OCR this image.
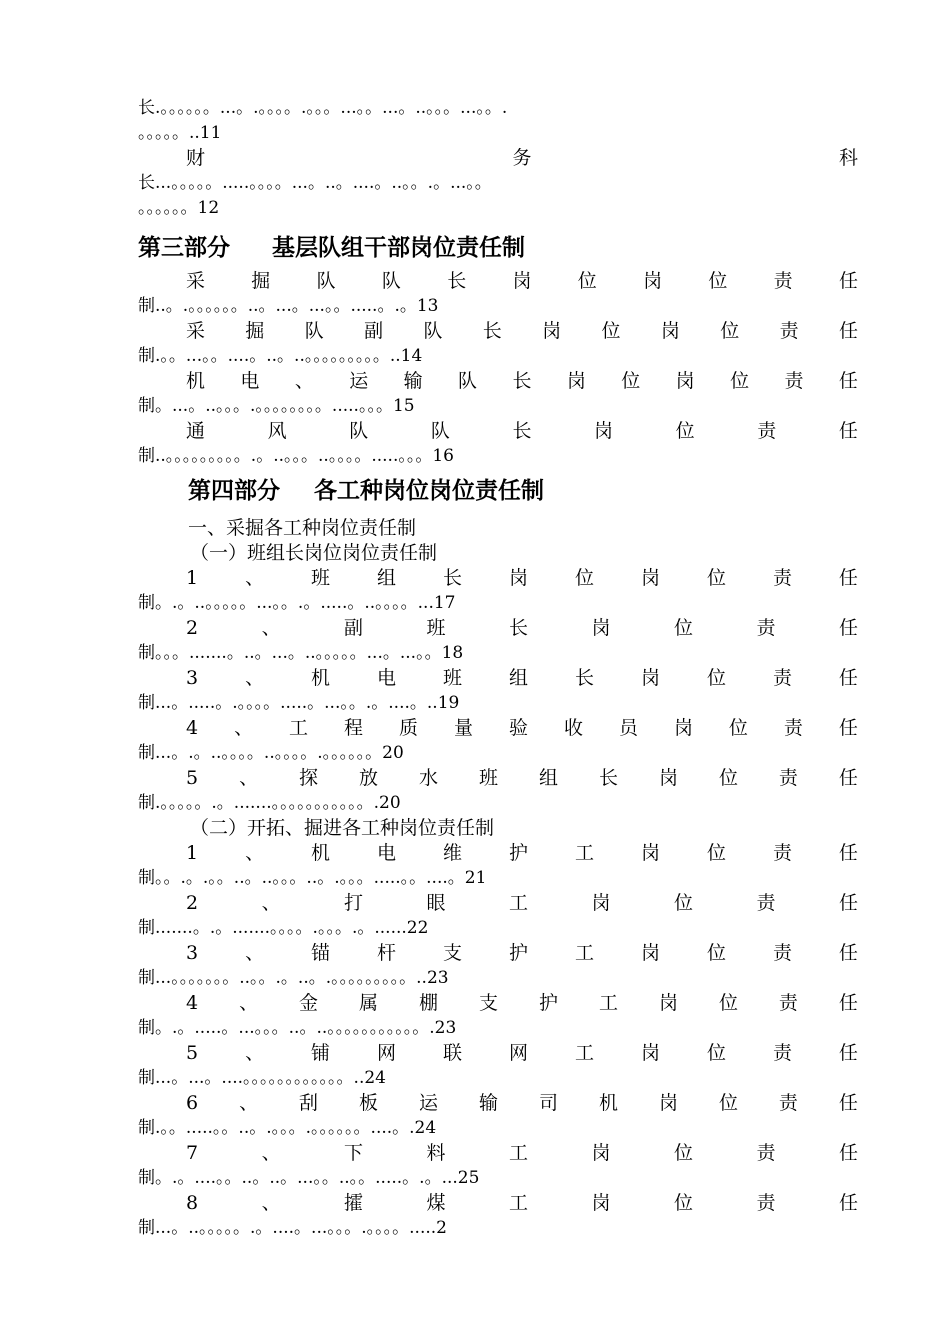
长.。。。。。。...。.。。。。.。。。...。。...。..。。。...。。.
。。。。。..11
财	务	科
长...。。。。。.....。。。。...。..。....。..。。.。...。。
。。。。。。12
第三部分 基层队组干部岗位责任制
采 掘 队 队 长 岗 位 岗 位 责 任
制..。.。。。。。。..。...。...。。.....。.。13
采 掘 队 副 队 长 岗 位 岗 位 责 任
制.。。...。。....。..。..。。。。。。。。。..14
机 电 、 运 输 队 长 岗 位 岗 位 责 任
制。...。..。。。.。。。。。。。。.....。。。15
通	风	队	队	长	岗	位	责	任
制..。。。。。。。。。.。..。。。..。。。。.....。。。16
第四部分 各工种岗位岗位责任制
一、采掘各工种岗位责任制
（一）班组长岗位岗位责任制
1 、 班 组 长 岗 位 岗 位 责 任
制。.。..。。。。。...。。.。.....。..。。。。...17
2	、	副	班	长	岗	位	责	任
制。。。.......。..。...。..。。。。。...。...。。18
3 、 机 电 班 组 长 岗 位 责 任
制...。.....。.。。。。.....。...。。.。....。..19
4 、 工 程 质 量 验 收 员 岗 位 责 任
制...。.。..。。。。..。。。。.。。。。。。20
5 、 探 放 水 班 组 长 岗 位 责 任
制.。。。。。.。.......。。。。。。。。。。。.20
（二）开拓、掘进各工种岗位责任制
1 、 机 电 维 护 工 岗 位 责 任
制。。.。.。。..。..。。。..。.。。。.....。。....。21
2	、	打	眼	工	岗	位	责	任
制.......。.。.......。。。。.。。。.。......22
3 、 锚 杆 支 护 工 岗 位 责 任
制...。。。。。。。..。。.。..。.。。。。。。。。。..23
4 、 金 属 棚 支 护 工 岗 位 责 任
制。.。.....。...。。。..。..。。。。。。。。。。。.23
5 、 铺 网 联 网 工 岗 位 责 任
制...。...。....。。。。。。。。。。。。..24
6 、 刮 板 运 输 司 机 岗 位 责 任
制.。。.....。。..。.。。。.。。。。。。....。.24
7	、	下	料	工	岗	位	责	任
制。.。....。。..。..。...。。..。。.....。.。...25
8	、	攉	煤	工	岗	位	责	任
制...。..。。。。。.。....。...。。。.。。。。.....2
